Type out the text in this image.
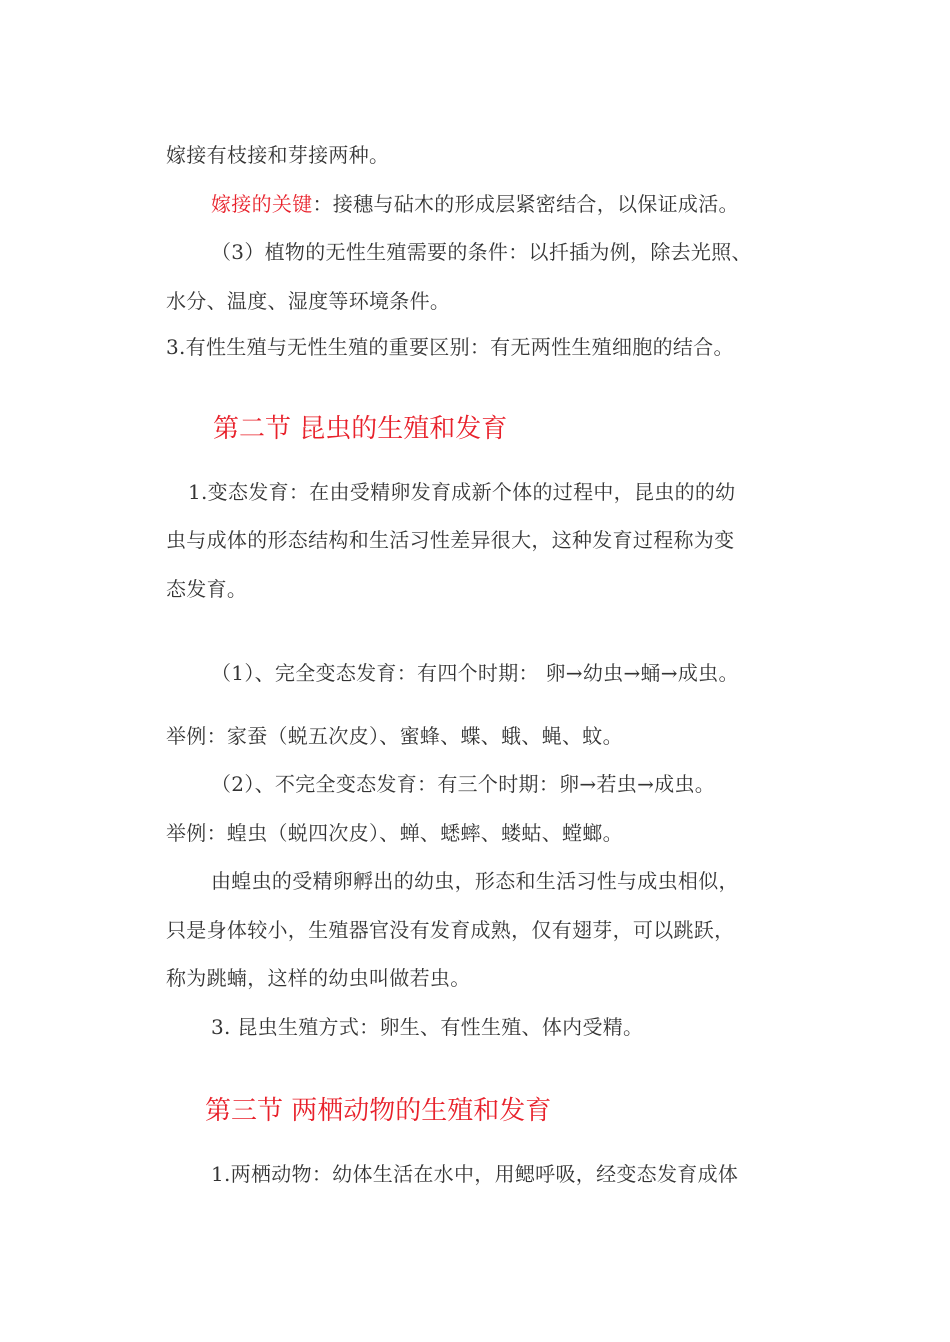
嫁接有枝接和芽接两种。
嫁接的关键：接穗与砧木的形成层紧密结合，以保证成活。
（3）植物的无性生殖需要的条件：以扦插为例，除去光照、
水分、温度、湿度等环境条件。
3.有性生殖与无性生殖的重要区别：有无两性生殖细胞的结合。
第二节 昆虫的生殖和发育
1.变态发育：在由受精卵发育成新个体的过程中，昆虫的的幼
虫与成体的形态结构和生活习性差异很大，这种发育过程称为变
态发育。
（1）、完全变态发育：有四个时期： 卵→幼虫→蛹→成虫。
举例：家蚕（蜕五次皮）、蜜蜂、蝶、蛾、蝇、蚊。
（2）、不完全变态发育：有三个时期：卵→若虫→成虫。
举例：蝗虫（蜕四次皮）、蝉、蟋蟀、蝼蛄、螳螂。
由蝗虫的受精卵孵出的幼虫，形态和生活习性与成虫相似，
只是身体较小，生殖器官没有发育成熟，仅有翅芽，可以跳跃，
称为跳蝻，这样的幼虫叫做若虫。
3. 昆虫生殖方式：卵生、有性生殖、体内受精。
第三节 两栖动物的生殖和发育
1.两栖动物：幼体生活在水中，用鳃呼吸，经变态发育成体
